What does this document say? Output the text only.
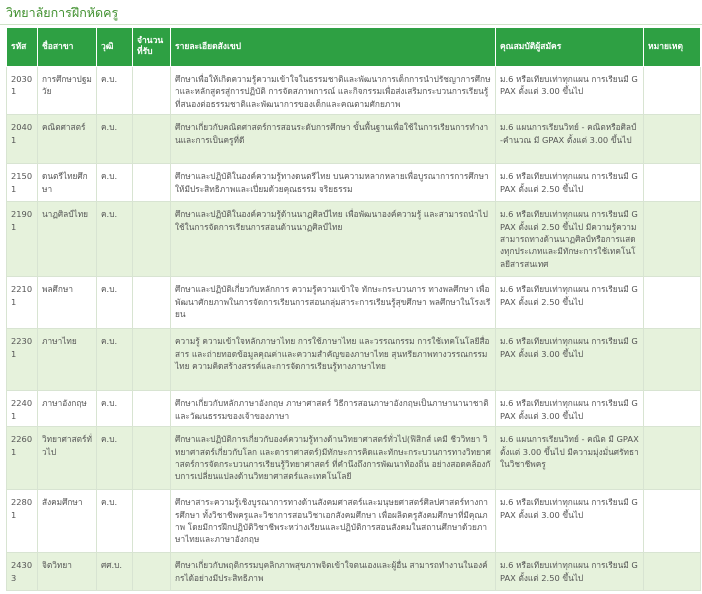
วิทยาลัยการฝึกหัดครู
รหัส	ชื่อสาขา	วุฒิ	จำนวนที่รับ	รายละเอียดสังเขป	คุณสมบัติผู้สมัคร	หมายเหตุ
20301	การศึกษาปฐมวัย	ค.บ.		ศึกษาเพื่อให้เกิดความรู้ความเข้าใจในธรรมชาติและพัฒนาการเด็กการนำปรัชญาการศึกษาและหลักสูตรสู่การปฏิบัติ การจัดสภาพการณ์ และกิจกรรมเพื่อส่งเสริมกระบวนการเรียนรู้ที่สนองต่อธรรมชาติและพัฒนาการของเด็กและคณตามศักยภาพ	ม.6 หรือเทียบเท่าทุกแผน การเรียนมี GPAX ตั้งแต่ 3.00 ขึ้นไป	
20401	คณิตศาสตร์	ค.บ.		ศึกษาเกี่ยวกับคณิตศาสตร์การสอนระดับการศึกษา ขั้นพื้นฐานเพื่อใช้ในการเรียนการทำงานและการเป็นครูที่ดี	ม.6 แผนการเรียนวิทย์ - คณิตหรือศิลป์-คำนวณ มี GPAX ตั้งแต่ 3.00 ขึ้นไป	
21501	ดนตรีไทยศึกษา	ค.บ.		ศึกษาและปฏิบัติในองค์ความรู้ทางดนตรีไทย บนความหลากหลายเพื่อบูรณาการการศึกษาให้มีประสิทธิภาพและเปี่ยมด้วยคุณธรรม จริยธรรม	ม.6 หรือเทียบเท่าทุกแผน การเรียนมี GPAX ตั้งแต่ 2.50 ขึ้นไป	
21901	นาฏศิลป์ไทย	ค.บ.		ศึกษาและปฏิบัติในองค์ความรู้ด้านนาฏศิลป์ไทย เพื่อพัฒนาองค์ความรู้ และสามารถนำไปใช้ในการจัดการเรียนการสอนด้านนาฏศิลป์ไทย	ม.6 หรือเทียบเท่าทุกแผน การเรียนมี GPAX ตั้งแต่ 2.50 ขึ้นไป มีความรู้ความสามารถทางด้านนาฏศิลป์หรือการแสดงทุกประเภทและมีทักษะการใช้เทคโนโลยีสารสนเทศ	
22101	พลศึกษา	ค.บ.		ศึกษาและปฏิบัติเกี่ยวกับหลักการ ความรู้ความเข้าใจ ทักษะกระบวนการ ทางพลศึกษา เพื่อพัฒนาศักยภาพในการจัดการเรียนการสอนกลุ่มสาระการเรียนรู้สุขศึกษา พลศึกษาในโรงเรียน	ม.6 หรือเทียบเท่าทุกแผน การเรียนมี GPAX ตั้งแต่ 2.50 ขึ้นไป	
22301	ภาษาไทย	ค.บ.		ความรู้ ความเข้าใจหลักภาษาไทย การใช้ภาษาไทย และวรรณกรรม การใช้เทคโนโลยีสื่อสาร และถ่ายทอดข้อมูลคุณค่าและความสำคัญของภาษาไทย สุนทรียภาพทางวรรณกรรมไทย ความคิดสร้างสรรค์และการจัดการเรียนรู้ทางภาษาไทย	ม.6 หรือเทียบเท่าทุกแผน การเรียนมี GPAX ตั้งแต่ 3.00 ขึ้นไป	
22401	ภาษาอังกฤษ	ค.บ.		ศึกษาเกี่ยวกับหลักภาษาอังกฤษ ภาษาศาสตร์ วิธีการสอนภาษาอังกฤษเป็นภาษานานาชาติ และวัฒนธรรมของเจ้าของภาษา	ม.6 หรือเทียบเท่าทุกแผน การเรียนมี GPAX ตั้งแต่ 3.00 ขึ้นไป	
22601	วิทยาศาสตร์ทั่วไป	ค.บ.		ศึกษาและปฏิบัติการเกี่ยวกับองค์ความรู้ทางด้านวิทยาศาสตร์ทั่วไป(ฟิสิกส์ เคมี ชีววิทยา วิทยาศาสตร์เกี่ยวกับโลก และดาราศาสตร์)มีทักษะการคิดและทักษะกระบวนการทางวิทยาศาสตร์การจัดกระบวนการเรียนรู้วิทยาศาสตร์ ที่คำนึงถึงการพัฒนาท้องถิ่น อย่างสอดคล้องกับการเปลี่ยนแปลงด้านวิทยาศาสตร์และเทคโนโลยี	ม.6 แผนการเรียนวิทย์ - คณิต มี GPAX ตั้งแต่ 3.00 ขึ้นไป มีความมุ่งมั่นศรัทธาในวิชาชีพครู	
22801	สังคมศึกษา	ค.บ.		ศึกษาสาระความรู้เชิงบูรณาการทางด้านสังคมศาสตร์และมนุษยศาสตร์ศิลปศาสตร์ทางการศึกษา ทั้งวิชาชีพครูและวิชาการสอนวิชาเอกสังคมศึกษา เพื่อผลิตครูสังคมศึกษาที่มีคุณภาพ โดยมีการฝึกปฏิบัติวิชาชีพระหว่างเรียนและปฏิบัติการสอนสังคมในสถานศึกษาด้วยภาษาไทยและภาษาอังกฤษ	ม.6 หรือเทียบเท่าทุกแผน การเรียนมี GPAX ตั้งแต่ 3.00 ขึ้นไป	
24303	จิตวิทยา	ศศ.บ.		ศึกษาเกี่ยวกับพฤติกรรมบุคลิกภาพสุขภาพจิตเข้าใจตนเองและผู้อื่น สามารถทำงานในองค์กรได้อย่างมีประสิทธิภาพ	ม.6 หรือเทียบเท่าทุกแผน การเรียนมี GPAX ตั้งแต่ 2.50 ขึ้นไป	
